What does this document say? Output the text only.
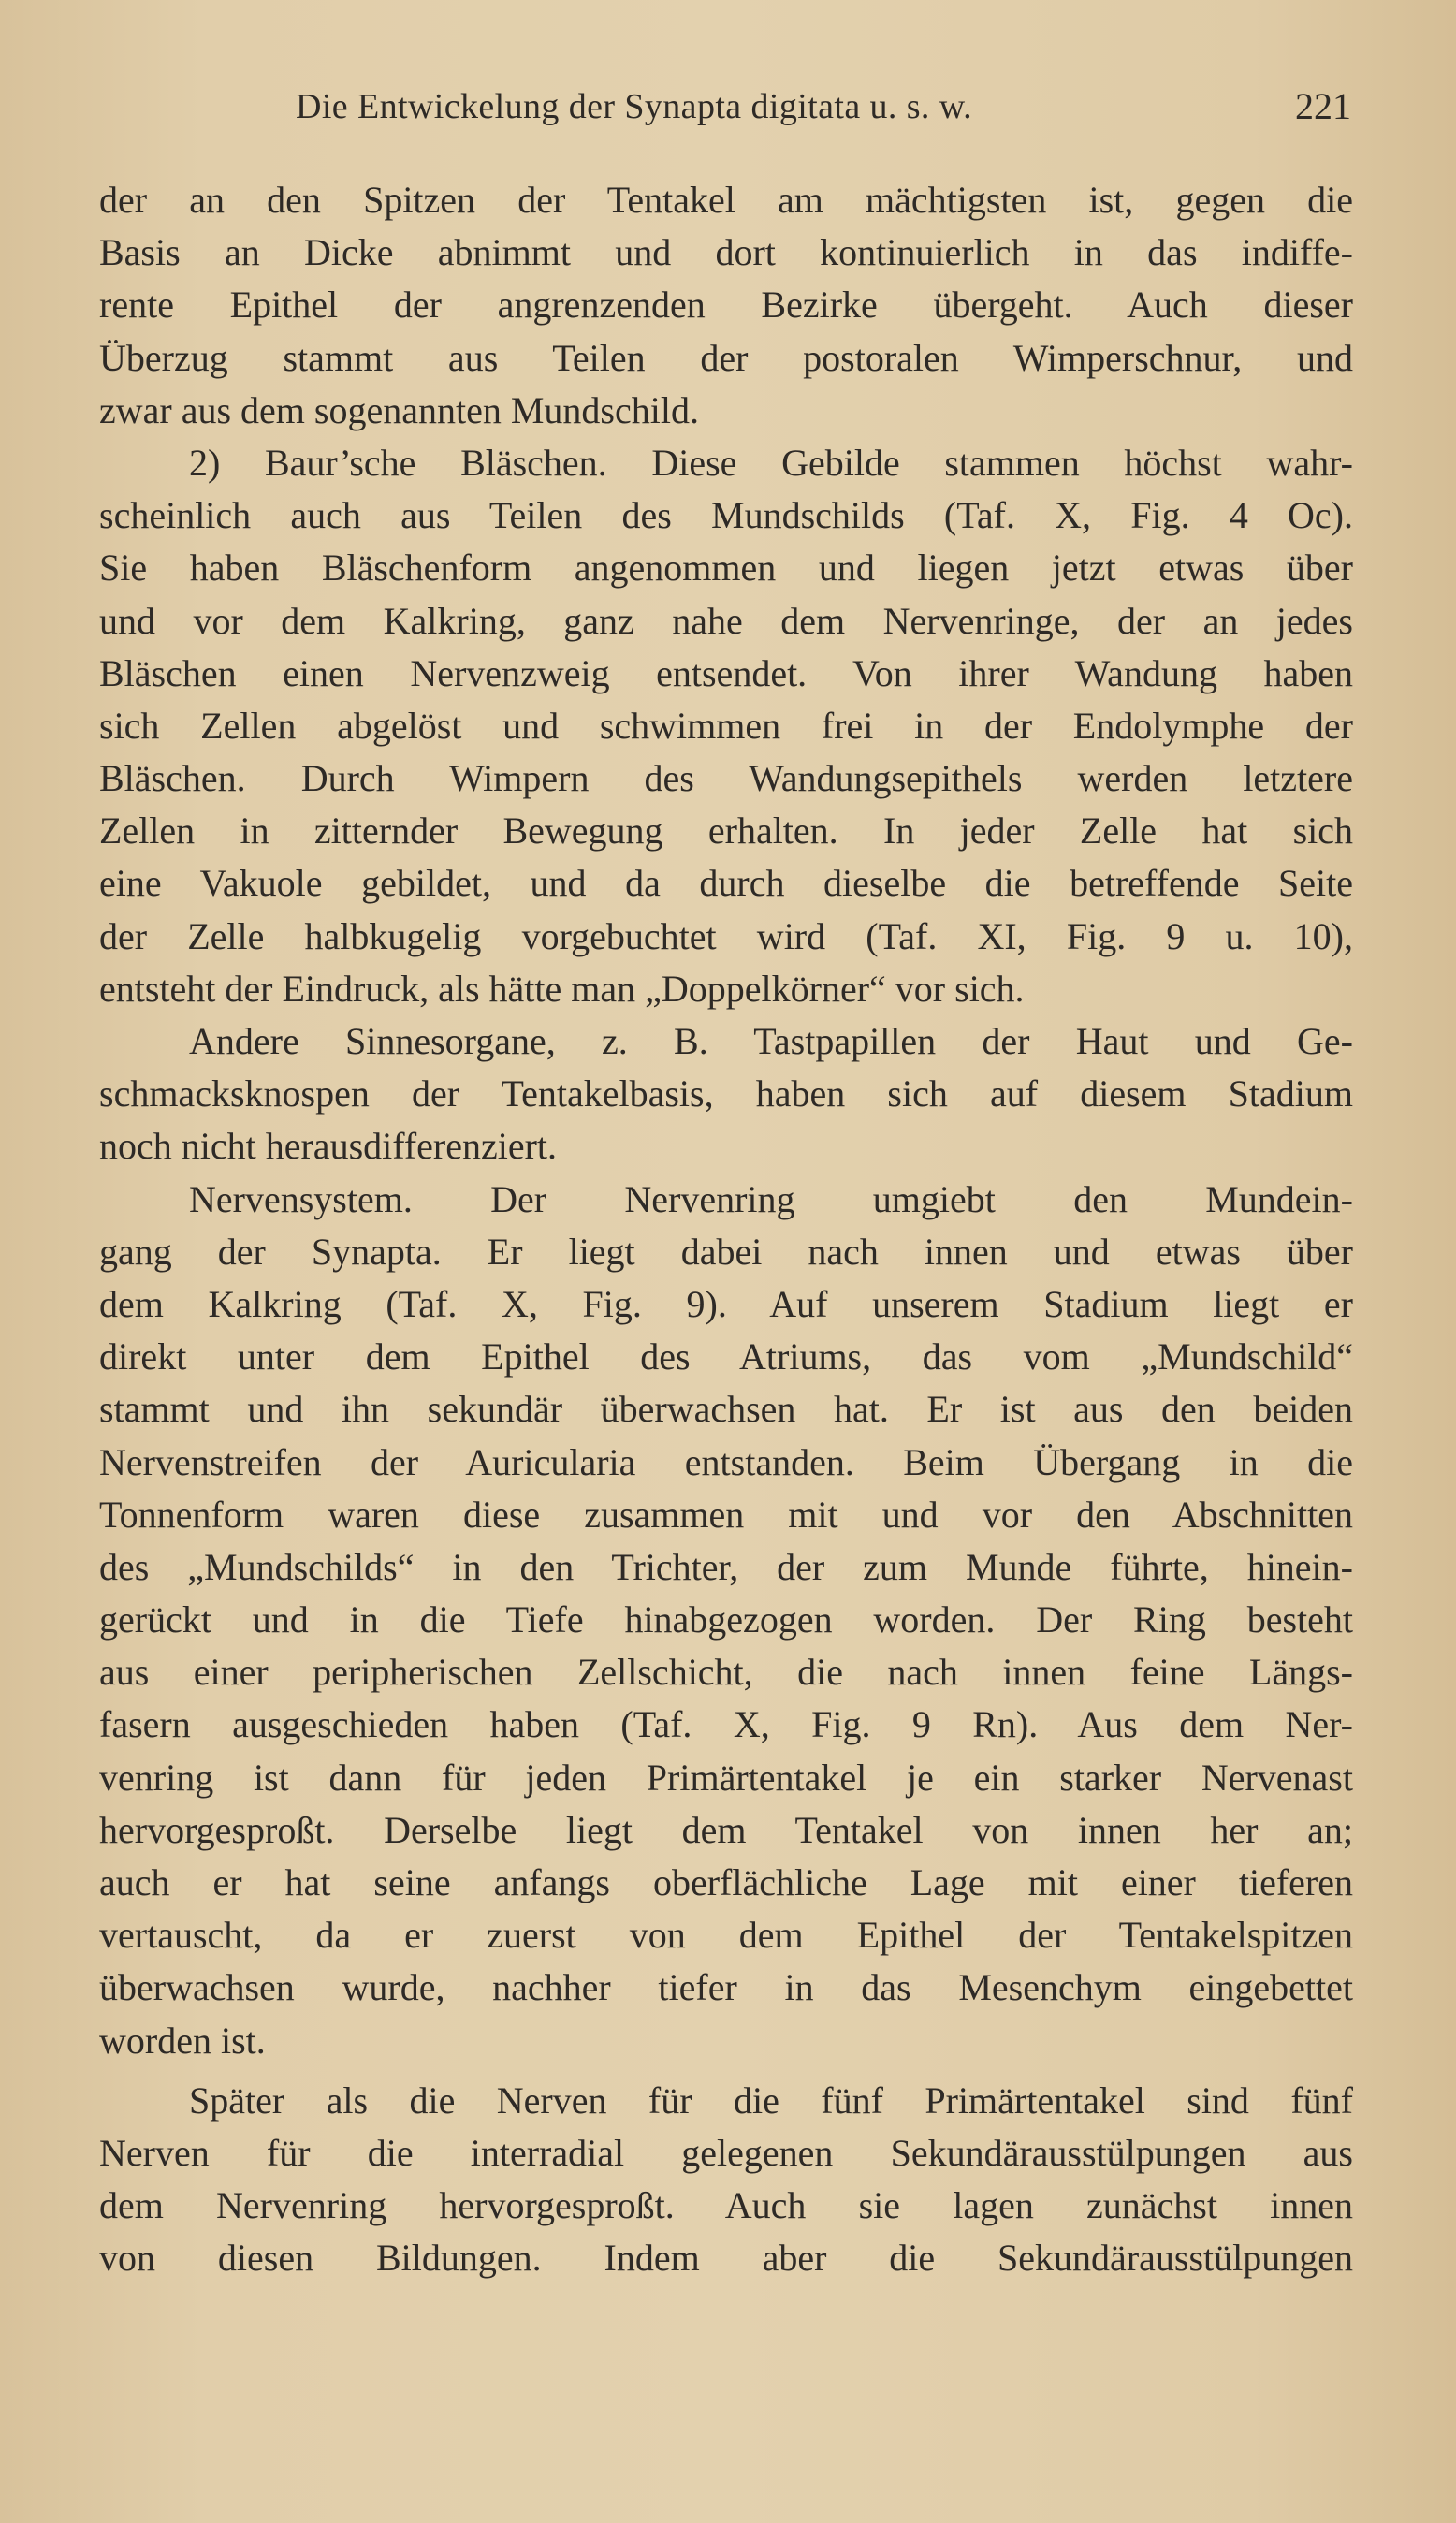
Die Entwickelung der Synapta digitata u. s. w.	221
der an den Spitzen der Tentakel am mächtigsten ist, gegen die
Basis an Dicke abnimmt und dort kontinuierlich in das indiffe-
rente Epithel der angrenzenden Bezirke übergeht. Auch dieser
Überzug stammt aus Teilen der postoralen Wimperschnur, und
zwar aus dem sogenannten Mundschild.
2) Baur’sche Bläschen. Diese Gebilde stammen höchst wahr-
scheinlich auch aus Teilen des Mundschilds (Taf. X, Fig. 4 Oc).
Sie haben Bläschenform angenommen und liegen jetzt etwas über
und vor dem Kalkring, ganz nahe dem Nervenringe, der an jedes
Bläschen einen Nervenzweig entsendet. Von ihrer Wandung haben
sich Zellen abgelöst und schwimmen frei in der Endolymphe der
Bläschen. Durch Wimpern des Wandungsepithels werden letztere
Zellen in zitternder Bewegung erhalten. In jeder Zelle hat sich
eine Vakuole gebildet, und da durch dieselbe die betreffende Seite
der Zelle halbkugelig vorgebuchtet wird (Taf. XI, Fig. 9 u. 10),
entsteht der Eindruck, als hätte man „Doppelkörner“ vor sich.
Andere Sinnesorgane, z. B. Tastpapillen der Haut und Ge-
schmacksknospen der Tentakelbasis, haben sich auf diesem Stadium
noch nicht herausdifferenziert.
Nervensystem. Der Nervenring umgiebt den Mundein-
gang der Synapta. Er liegt dabei nach innen und etwas über
dem Kalkring (Taf. X, Fig. 9). Auf unserem Stadium liegt er
direkt unter dem Epithel des Atriums, das vom „Mundschild“
stammt und ihn sekundär überwachsen hat. Er ist aus den beiden
Nervenstreifen der Auricularia entstanden. Beim Übergang in die
Tonnenform waren diese zusammen mit und vor den Abschnitten
des „Mundschilds“ in den Trichter, der zum Munde führte, hinein-
gerückt und in die Tiefe hinabgezogen worden. Der Ring besteht
aus einer peripherischen Zellschicht, die nach innen feine Längs-
fasern ausgeschieden haben (Taf. X, Fig. 9 Rn). Aus dem Ner-
venring ist dann für jeden Primärtentakel je ein starker Nervenast
hervorgesproßt. Derselbe liegt dem Tentakel von innen her an;
auch er hat seine anfangs oberflächliche Lage mit einer tieferen
vertauscht, da er zuerst von dem Epithel der Tentakelspitzen
überwachsen wurde, nachher tiefer in das Mesenchym eingebettet
worden ist.
Später als die Nerven für die fünf Primärtentakel sind fünf
Nerven für die interradial gelegenen Sekundärausstülpungen aus
dem Nervenring hervorgesproßt. Auch sie lagen zunächst innen
von diesen Bildungen. Indem aber die Sekundärausstülpungen
